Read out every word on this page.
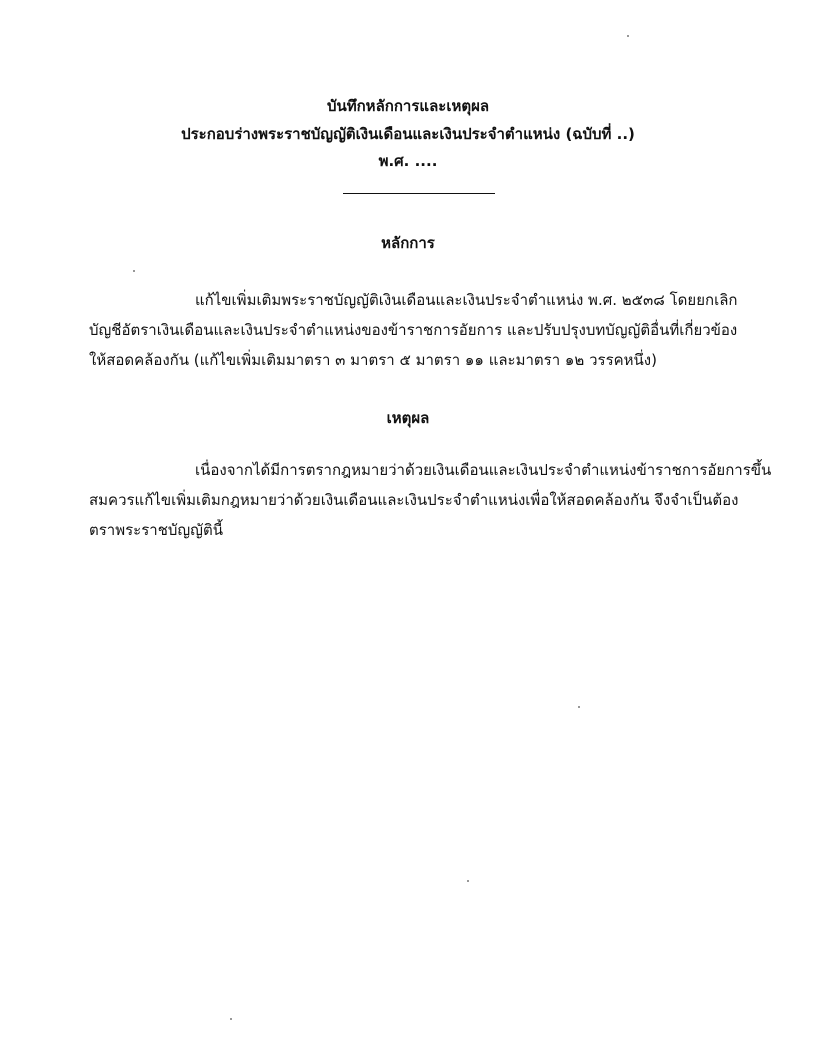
บันทึกหลักการและเหตุผล
ประกอบร่างพระราชบัญญัติเงินเดือนและเงินประจำตำแหน่ง (ฉบับที่ ..)
พ.ศ. ....
หลักการ
แก้ไขเพิ่มเติมพระราชบัญญัติเงินเดือนและเงินประจำตำแหน่ง พ.ศ. ๒๕๓๘ โดยยกเลิก
บัญชีอัตราเงินเดือนและเงินประจำตำแหน่งของข้าราชการอัยการ และปรับปรุงบทบัญญัติอื่นที่เกี่ยวข้อง
ให้สอดคล้องกัน (แก้ไขเพิ่มเติมมาตรา ๓ มาตรา ๕ มาตรา ๑๑ และมาตรา ๑๒ วรรคหนึ่ง)
เหตุผล
เนื่องจากได้มีการตรากฎหมายว่าด้วยเงินเดือนและเงินประจำตำแหน่งข้าราชการอัยการขึ้น
สมควรแก้ไขเพิ่มเติมกฎหมายว่าด้วยเงินเดือนและเงินประจำตำแหน่งเพื่อให้สอดคล้องกัน จึงจำเป็นต้อง
ตราพระราชบัญญัตินี้
